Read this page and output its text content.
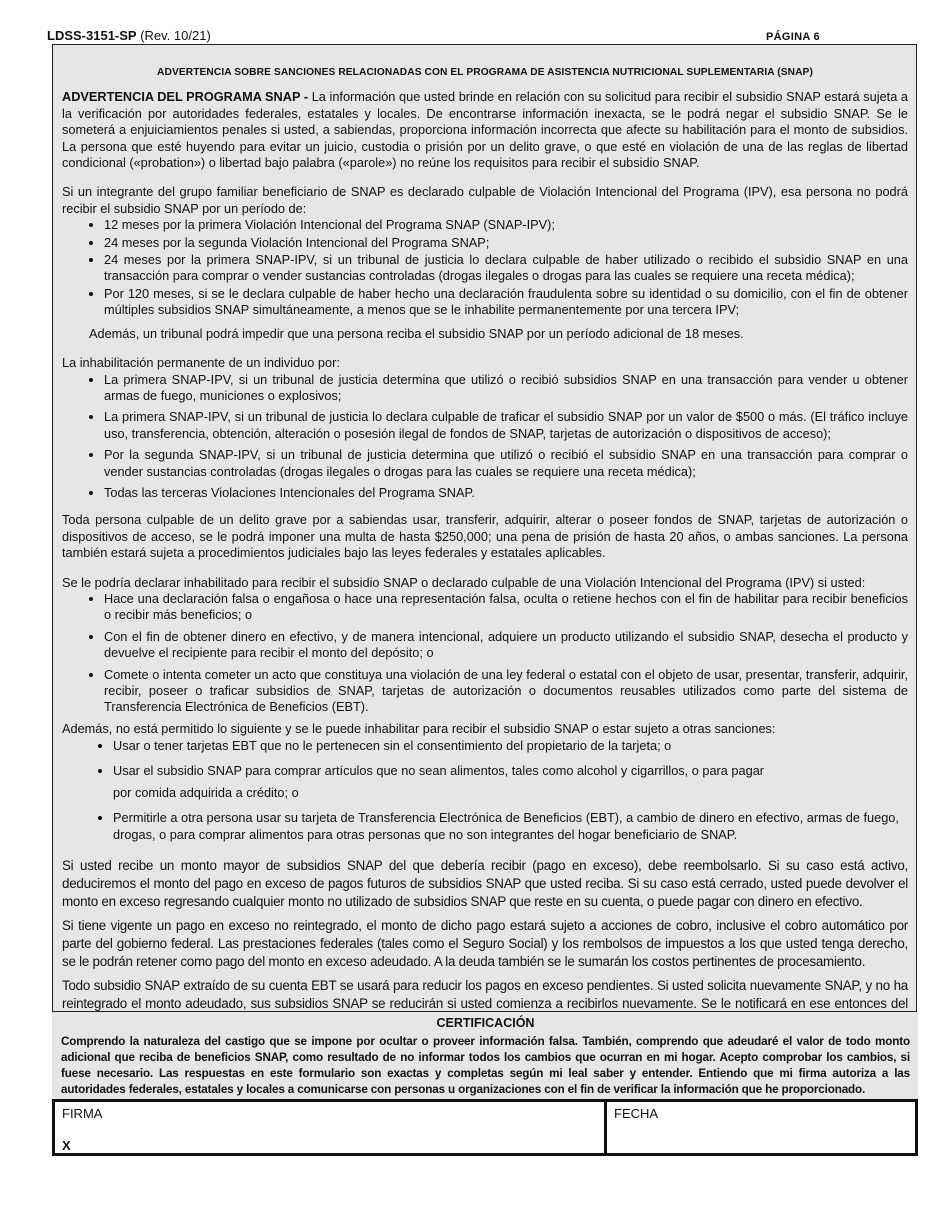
LDSS-3151-SP (Rev. 10/21)	PÁGINA 6

ADVERTENCIA SOBRE SANCIONES RELACIONADAS CON EL PROGRAMA DE ASISTENCIA NUTRICIONAL SUPLEMENTARIA (SNAP)

ADVERTENCIA DEL PROGRAMA SNAP - La información que usted brinde en relación con su solicitud para recibir el subsidio SNAP estará sujeta a la verificación por autoridades federales, estatales y locales. De encontrarse información inexacta, se le podrá negar el subsidio SNAP. Se le someterá a enjuiciamientos penales si usted, a sabiendas, proporciona información incorrecta que afecte su habilitación para el monto de subsidios. La persona que esté huyendo para evitar un juicio, custodia o prisión por un delito grave, o que esté en violación de una de las reglas de libertad condicional («probation») o libertad bajo palabra («parole») no reúne los requisitos para recibir el subsidio SNAP.

Si un integrante del grupo familiar beneficiario de SNAP es declarado culpable de Violación Intencional del Programa (IPV), esa persona no podrá recibir el subsidio SNAP por un período de:

• 12 meses por la primera Violación Intencional del Programa SNAP (SNAP-IPV);
• 24 meses por la segunda Violación Intencional del Programa SNAP;
• 24 meses por la primera SNAP-IPV, si un tribunal de justicia lo declara culpable de haber utilizado o recibido el subsidio SNAP en una transacción para comprar o vender sustancias controladas (drogas ilegales o drogas para las cuales se requiere una receta médica);
• Por 120 meses, si se le declara culpable de haber hecho una declaración fraudulenta sobre su identidad o su domicilio, con el fin de obtener múltiples subsidios SNAP simultáneamente, a menos que se le inhabilite permanentemente por una tercera IPV;

Además, un tribunal podrá impedir que una persona reciba el subsidio SNAP por un período adicional de 18 meses.

La inhabilitación permanente de un individuo por:

• La primera SNAP-IPV, si un tribunal de justicia determina que utilizó o recibió subsidios SNAP en una transacción para vender u obtener armas de fuego, municiones o explosivos;
• La primera SNAP-IPV, si un tribunal de justicia lo declara culpable de traficar el subsidio SNAP por un valor de $500 o más. (El tráfico incluye uso, transferencia, obtención, alteración o posesión ilegal de fondos de SNAP, tarjetas de autorización o dispositivos de acceso);
• Por la segunda SNAP-IPV, si un tribunal de justicia determina que utilizó o recibió el subsidio SNAP en una transacción para comprar o vender sustancias controladas (drogas ilegales o drogas para las cuales se requiere una receta médica);
• Todas las terceras Violaciones Intencionales del Programa SNAP.

Toda persona culpable de un delito grave por a sabiendas usar, transferir, adquirir, alterar o poseer fondos de SNAP, tarjetas de autorización o dispositivos de acceso, se le podrá imponer una multa de hasta $250,000; una pena de prisión de hasta 20 años, o ambas sanciones. La persona también estará sujeta a procedimientos judiciales bajo las leyes federales y estatales aplicables.

Se le podría declarar inhabilitado para recibir el subsidio SNAP o declarado culpable de una Violación Intencional del Programa (IPV) si usted:

• Hace una declaración falsa o engañosa o hace una representación falsa, oculta o retiene hechos con el fin de habilitar para recibir beneficios o recibir más beneficios; o
• Con el fin de obtener dinero en efectivo, y de manera intencional, adquiere un producto utilizando el subsidio SNAP, desecha el producto y devuelve el recipiente para recibir el monto del depósito; o
• Comete o intenta cometer un acto que constituya una violación de una ley federal o estatal con el objeto de usar, presentar, transferir, adquirir, recibir, poseer o traficar subsidios de SNAP, tarjetas de autorización o documentos reusables utilizados como parte del sistema de Transferencia Electrónica de Beneficios (EBT).

Además, no está permitido lo siguiente y se le puede inhabilitar para recibir el subsidio SNAP o estar sujeto a otras sanciones:

• Usar o tener tarjetas EBT que no le pertenecen sin el consentimiento del propietario de la tarjeta; o
• Usar el subsidio SNAP para comprar artículos que no sean alimentos, tales como alcohol y cigarrillos, o para pagar
por comida adquirida a crédito; o
• Permitirle a otra persona usar su tarjeta de Transferencia Electrónica de Beneficios (EBT), a cambio de dinero en efectivo, armas de fuego, drogas, o para comprar alimentos para otras personas que no son integrantes del hogar beneficiario de SNAP.

Si usted recibe un monto mayor de subsidios SNAP del que debería recibir (pago en exceso), debe reembolsarlo. Si su caso está activo, deduciremos el monto del pago en exceso de pagos futuros de subsidios SNAP que usted reciba. Si su caso está cerrado, usted puede devolver el monto en exceso regresando cualquier monto no utilizado de subsidios SNAP que reste en su cuenta, o puede pagar con dinero en efectivo.

Si tiene vigente un pago en exceso no reintegrado, el monto de dicho pago estará sujeto a acciones de cobro, inclusive el cobro automático por parte del gobierno federal. Las prestaciones federales (tales como el Seguro Social) y los rembolsos de impuestos a los que usted tenga derecho, se le podrán retener como pago del monto en exceso adeudado. A la deuda también se le sumarán los costos pertinentes de procesamiento.

Todo subsidio SNAP extraído de su cuenta EBT se usará para reducir los pagos en exceso pendientes. Si usted solicita nuevamente SNAP, y no ha reintegrado el monto adeudado, sus subsidios SNAP se reducirán si usted comienza a recibirlos nuevamente. Se le notificará en ese entonces del

CERTIFICACIÓN

Comprendo la naturaleza del castigo que se impone por ocultar o proveer información falsa. También, comprendo que adeudaré el valor de todo monto adicional que reciba de beneficios SNAP, como resultado de no informar todos los cambios que ocurran en mi hogar. Acepto comprobar los cambios, si fuese necesario. Las respuestas en este formulario son exactas y completas según mi leal saber y entender. Entiendo que mi firma autoriza a las autoridades federales, estatales y locales a comunicarse con personas u organizaciones con el fin de verificar la información que he proporcionado.

FIRMA
X
FECHA
